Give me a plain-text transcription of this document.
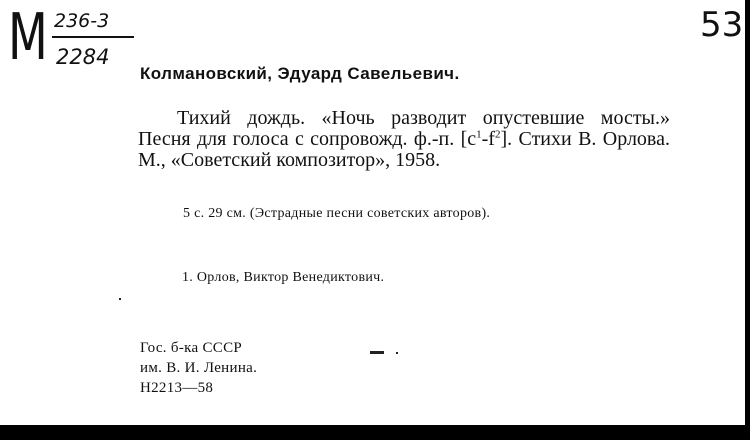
M 236-3
2284
53
Колмановский, Эдуард Савельевич.
Тихий дождь. «Ночь разводит опустевшие мосты.» Песня для голоса с сопровожд. ф.-п. $[c^1-f^2]$. Стихи В. Орлова. М., «Советский композитор», 1958.
5 с. 29 см. (Эстрадные песни советских авторов).
1. Орлов, Виктор Венедиктович.
Гос. б-ка СССР
им. В. И. Ленина.
Н2213—58
